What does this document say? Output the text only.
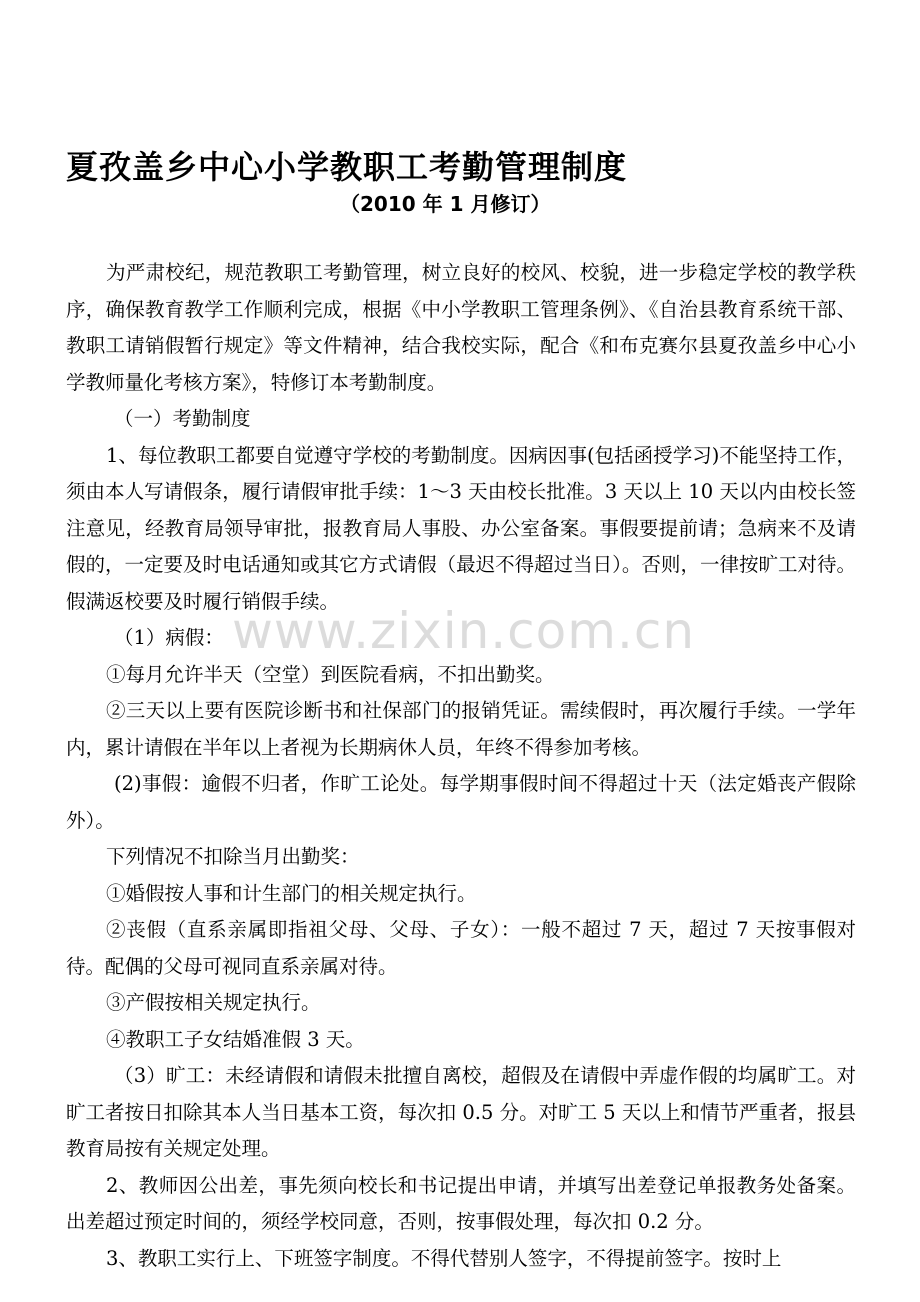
夏孜盖乡中心小学教职工考勤管理制度
（2010 年 1 月修订）

为严肃校纪，规范教职工考勤管理，树立良好的校风、校貌，进一步稳定学校的教学秩序，确保教育教学工作顺利完成，根据《中小学教职工管理条例》、《自治县教育系统干部、教职工请销假暂行规定》等文件精神，结合我校实际，配合《和布克赛尔县夏孜盖乡中心小学教师量化考核方案》，特修订本考勤制度。

（一）考勤制度

1、每位教职工都要自觉遵守学校的考勤制度。因病因事(包括函授学习)不能坚持工作，须由本人写请假条，履行请假审批手续：1～3 天由校长批准。3 天以上 10 天以内由校长签注意见，经教育局领导审批，报教育局人事股、办公室备案。事假要提前请；急病来不及请假的，一定要及时电话通知或其它方式请假（最迟不得超过当日）。否则，一律按旷工对待。假满返校要及时履行销假手续。

（1）病假：

①每月允许半天（空堂）到医院看病，不扣出勤奖。

②三天以上要有医院诊断书和社保部门的报销凭证。需续假时，再次履行手续。一学年内，累计请假在半年以上者视为长期病休人员，年终不得参加考核。

(2)事假：逾假不归者，作旷工论处。每学期事假时间不得超过十天（法定婚丧产假除外）。

下列情况不扣除当月出勤奖：

①婚假按人事和计生部门的相关规定执行。

②丧假（直系亲属即指祖父母、父母、子女）：一般不超过 7 天，超过 7 天按事假对待。配偶的父母可视同直系亲属对待。

③产假按相关规定执行。

④教职工子女结婚准假 3 天。

（3）旷工：未经请假和请假未批擅自离校，超假及在请假中弄虚作假的均属旷工。对旷工者按日扣除其本人当日基本工资，每次扣 0.5 分。对旷工 5 天以上和情节严重者，报县教育局按有关规定处理。

2、教师因公出差，事先须向校长和书记提出申请，并填写出差登记单报教务处备案。出差超过预定时间的，须经学校同意，否则，按事假处理，每次扣 0.2 分。

3、教职工实行上、下班签字制度。不得代替别人签字，不得提前签字。按时上

www.zixin.com.cn
